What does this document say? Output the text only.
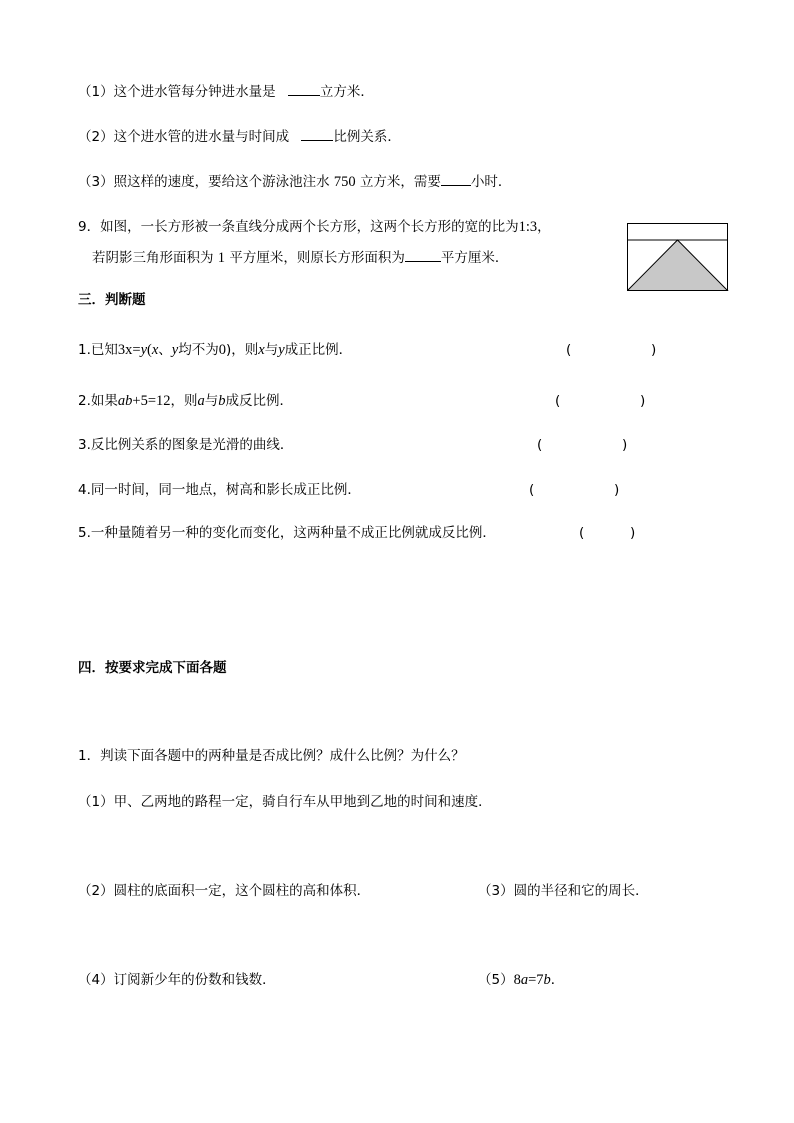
（1）这个进水管每分钟进水量是	立方米．
（2）这个进水管的进水量与时间成	比例关系．
（3）照这样的速度，要给这个游泳池注水 750 立方米，需要 小时．
9．如图，一长方形被一条直线分成两个长方形，这两个长方形的宽的比为1:3，
若阴影三角形面积为 1 平方厘米，则原长方形面积为	平方厘米．
三．判断题
1.已知3x=y(x、y均不为0)，则x与y成正比例．	(	)
2.如果ab+5=12，则a与b成反比例．	(	)
3.反比例关系的图象是光滑的曲线．	(	)
4.同一时间，同一地点，树高和影长成正比例．	(	)
5.一种量随着另一种的变化而变化，这两种量不成正比例就成反比例．	(	)
四．按要求完成下面各题
1．判读下面各题中的两种量是否成比例？成什么比例？为什么？
（1）甲、乙两地的路程一定，骑自行车从甲地到乙地的时间和速度．
（2）圆柱的底面积一定，这个圆柱的高和体积．	（3）圆的半径和它的周长．
（4）订阅新少年的份数和钱数．	（5）8a=7b．
